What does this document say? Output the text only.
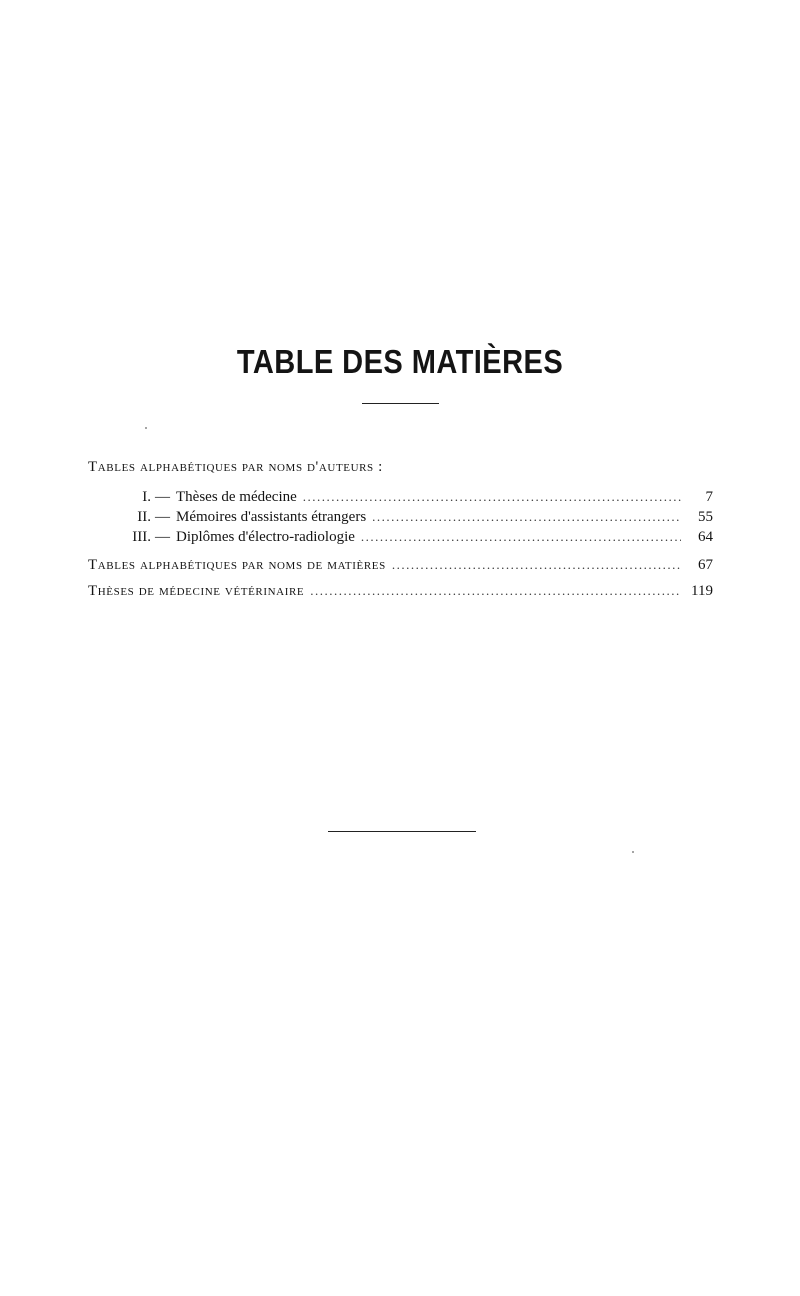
TABLE DES MATIÈRES
Tables alphabétiques par noms d'auteurs :
I. — Thèses de médecine .....	7
II. — Mémoires d'assistants étrangers .....	55
III. — Diplômes d'électro-radiologie .....	64
Tables alphabétiques par noms de matières .....	67
Thèses de médecine vétérinaire .....	119
